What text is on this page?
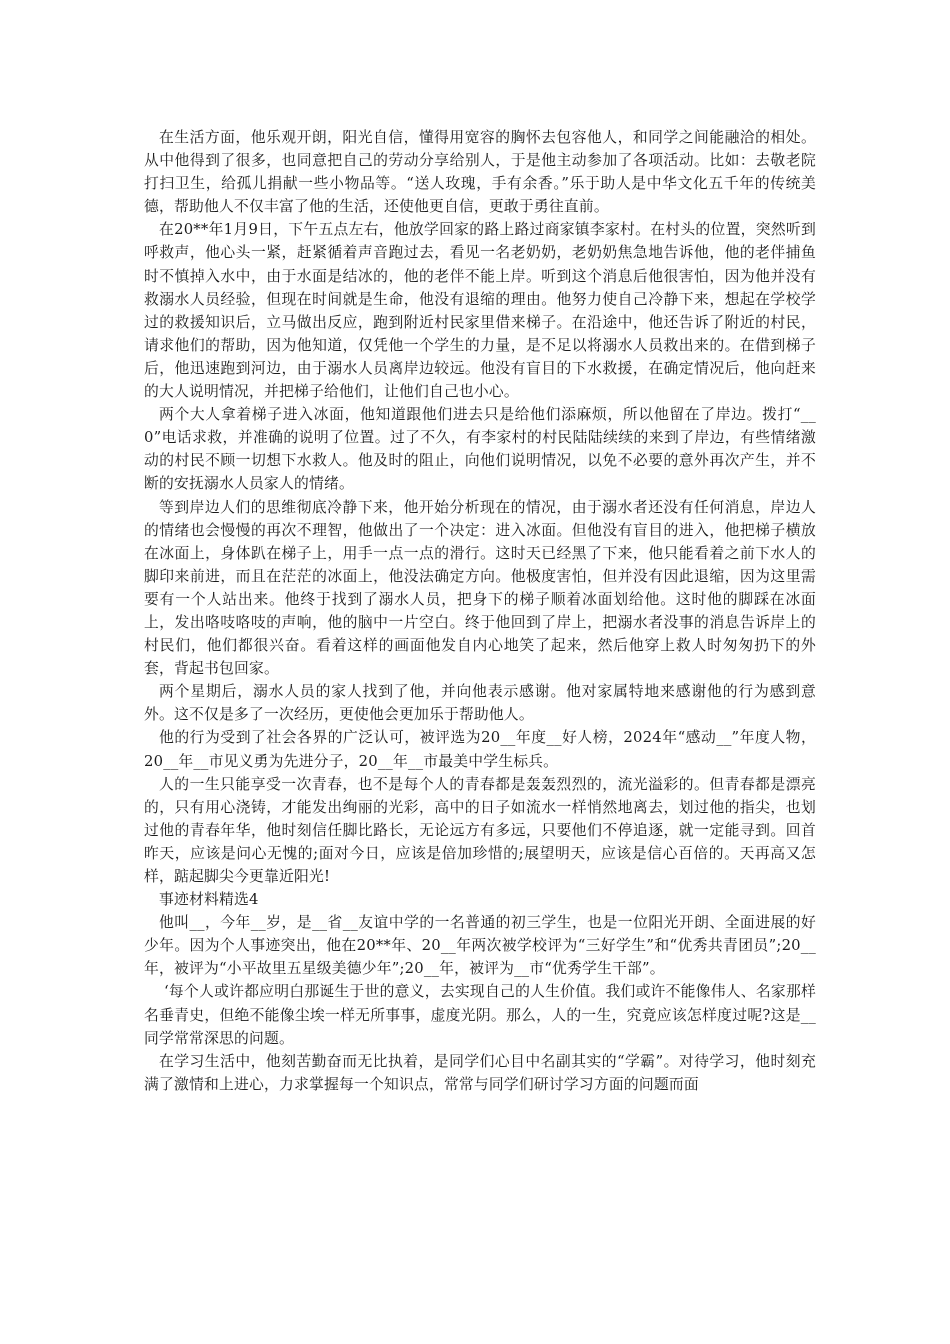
在生活方面，他乐观开朗，阳光自信，懂得用宽容的胸怀去包容他人，和同学之间能融洽的相处。从中他得到了很多，也同意把自己的劳动分享给别人，于是他主动参加了各项活动。比如：去敬老院打扫卫生，给孤儿捐献一些小物品等。“送人玫瑰，手有余香。”乐于助人是中华文化五千年的传统美德，帮助他人不仅丰富了他的生活，还使他更自信，更敢于勇往直前。

在20**年1月9日，下午五点左右，他放学回家的路上路过商家镇李家村。在村头的位置，突然听到呼救声，他心头一紧，赶紧循着声音跑过去，看见一名老奶奶，老奶奶焦急地告诉他，他的老伴捕鱼时不慎掉入水中，由于水面是结冰的，他的老伴不能上岸。听到这个消息后他很害怕，因为他并没有救溺水人员经验，但现在时间就是生命，他没有退缩的理由。他努力使自己冷静下来，想起在学校学过的救援知识后，立马做出反应，跑到附近村民家里借来梯子。在沿途中，他还告诉了附近的村民，请求他们的帮助，因为他知道，仅凭他一个学生的力量，是不足以将溺水人员救出来的。在借到梯子后，他迅速跑到河边，由于溺水人员离岸边较远。他没有盲目的下水救援，在确定情况后，他向赶来的大人说明情况，并把梯子给他们，让他们自己也小心。

两个大人拿着梯子进入冰面，他知道跟他们进去只是给他们添麻烦，所以他留在了岸边。拨打“__0”电话求救，并准确的说明了位置。过了不久，有李家村的村民陆陆续续的来到了岸边，有些情绪激动的村民不顾一切想下水救人。他及时的阻止，向他们说明情况，以免不必要的意外再次产生，并不断的安抚溺水人员家人的情绪。

等到岸边人们的思维彻底冷静下来，他开始分析现在的情况，由于溺水者还没有任何消息，岸边人的情绪也会慢慢的再次不理智，他做出了一个决定：进入冰面。但他没有盲目的进入，他把梯子横放在冰面上，身体趴在梯子上，用手一点一点的滑行。这时天已经黑了下来，他只能看着之前下水人的脚印来前进，而且在茫茫的冰面上，他没法确定方向。他极度害怕，但并没有因此退缩，因为这里需要有一个人站出来。他终于找到了溺水人员，把身下的梯子顺着冰面划给他。这时他的脚踩在冰面上，发出咯吱咯吱的声响，他的脑中一片空白。终于他回到了岸上，把溺水者没事的消息告诉岸上的村民们，他们都很兴奋。看着这样的画面他发自内心地笑了起来，然后他穿上救人时匆匆扔下的外套，背起书包回家。

两个星期后，溺水人员的家人找到了他，并向他表示感谢。他对家属特地来感谢他的行为感到意外。这不仅是多了一次经历，更使他会更加乐于帮助他人。

他的行为受到了社会各界的广泛认可，被评选为20__年度__好人榜，2024年“感动__”年度人物，  20__年__市见义勇为先进分子，20__年__市最美中学生标兵。

人的一生只能享受一次青春，也不是每个人的青春都是轰轰烈烈的，流光溢彩的。但青春都是漂亮的，只有用心浇铸，才能发出绚丽的光彩，高中的日子如流水一样悄然地离去，划过他的指尖，也划过他的青春年华，他时刻信任脚比路长，无论远方有多远，只要他们不停追逐，就一定能寻到。回首昨天，应该是问心无愧的;面对今日，应该是倍加珍惜的;展望明天，应该是信心百倍的。天再高又怎样，踮起脚尖今更靠近阳光!

事迹材料精选4

他叫__，今年__岁，是__省__友谊中学的一名普通的初三学生，也是一位阳光开朗、全面进展的好少年。因为个人事迹突出，他在20**年、20__年两次被学校评为“三好学生”和“优秀共青团员”;20__年，被评为“小平故里五星级美德少年”;20__年，被评为__市“优秀学生干部”。

‘每个人或许都应明白那诞生于世的意义，去实现自己的人生价值。我们或许不能像伟人、名家那样名垂青史，但绝不能像尘埃一样无所事事，虚度光阴。那么，人的一生，究竟应该怎样度过呢?这是__同学常常深思的问题。

在学习生活中，他刻苦勤奋而无比执着，是同学们心目中名副其实的“学霸”。对待学习，他时刻充满了激情和上进心，力求掌握每一个知识点，常常与同学们研讨学习方面的问题而面
